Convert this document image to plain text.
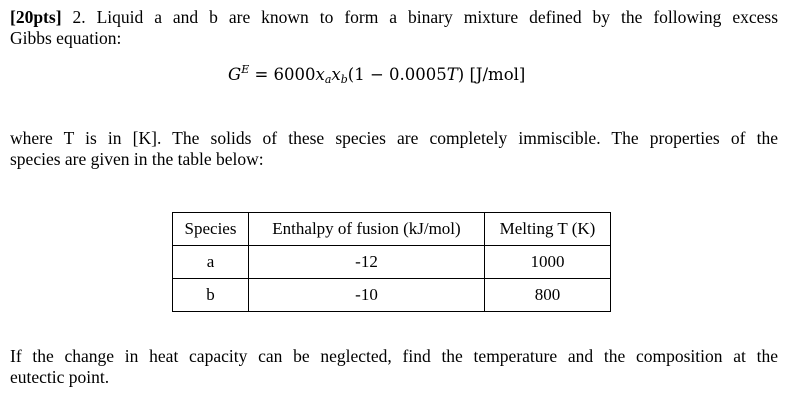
[20pts] 2. Liquid a and b are known to form a binary mixture defined by the following excess
Gibbs equation:
$G^E = 6000x_ax_b(1 - 0.0005T)$ [J/mol]
where T is in [K]. The solids of these species are completely immiscible. The properties of the
species are given in the table below:
Species	Enthalpy of fusion (kJ/mol)	Melting T (K)
a	-12	1000
b	-10	800
If the change in heat capacity can be neglected, find the temperature and the composition at the
eutectic point.
